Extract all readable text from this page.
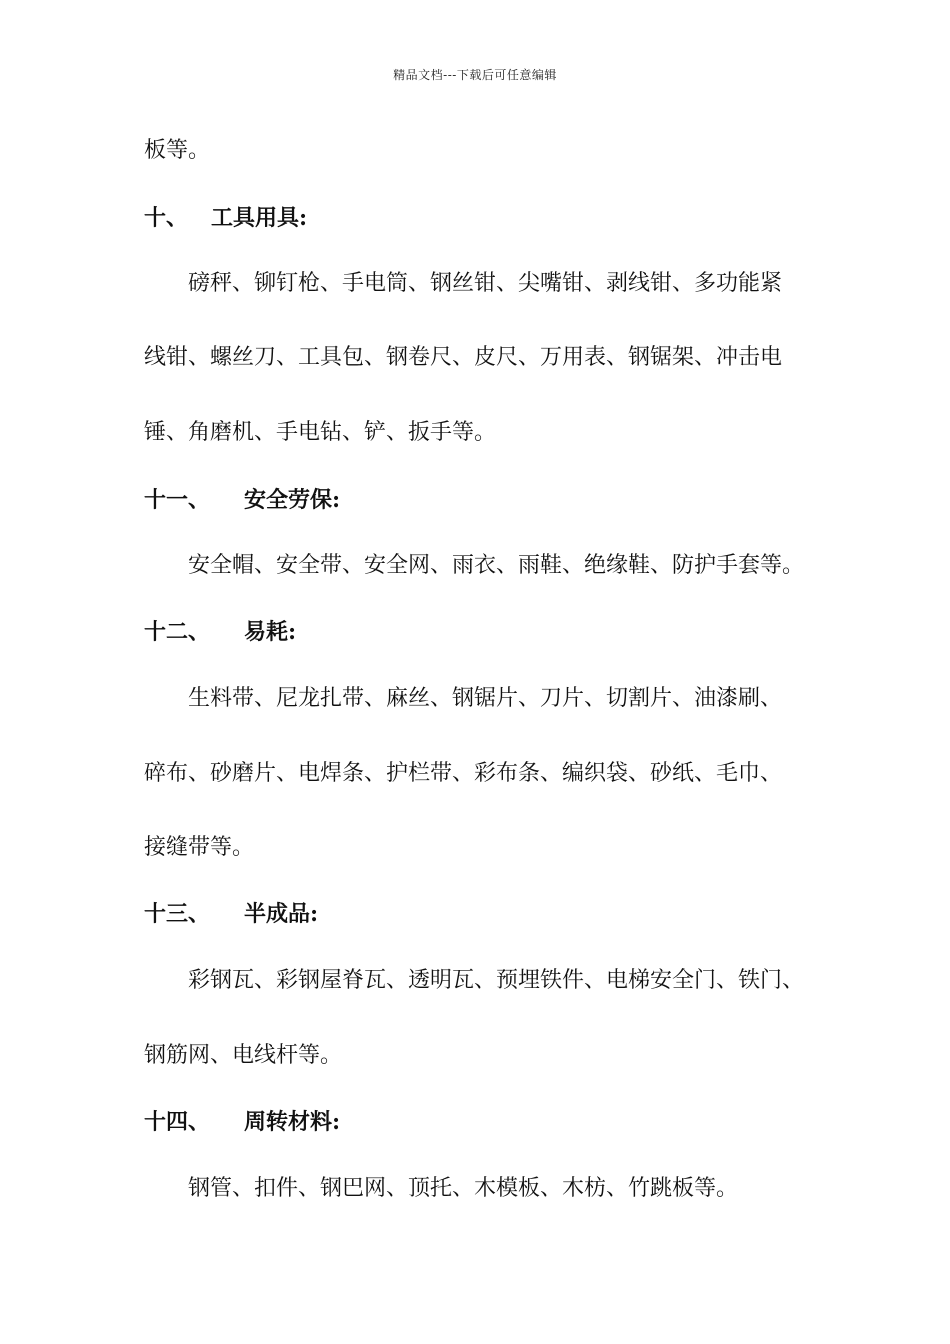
精品文档---下载后可任意编辑
板等。
十、 工具用具:
磅秤、铆钉枪、手电筒、钢丝钳、尖嘴钳、剥线钳、多功能紧
线钳、螺丝刀、工具包、钢卷尺、皮尺、万用表、钢锯架、冲击电
锤、角磨机、手电钻、铲、扳手等。
十一、 安全劳保:
安全帽、安全带、安全网、雨衣、雨鞋、绝缘鞋、防护手套等。
十二、 易耗:
生料带、尼龙扎带、麻丝、钢锯片、刀片、切割片、油漆刷、
碎布、砂磨片、电焊条、护栏带、彩布条、编织袋、砂纸、毛巾、
接缝带等。
十三、 半成品:
彩钢瓦、彩钢屋脊瓦、透明瓦、预埋铁件、电梯安全门、铁门、
钢筋网、电线杆等。
十四、 周转材料:
钢管、扣件、钢巴网、顶托、木模板、木枋、竹跳板等。
